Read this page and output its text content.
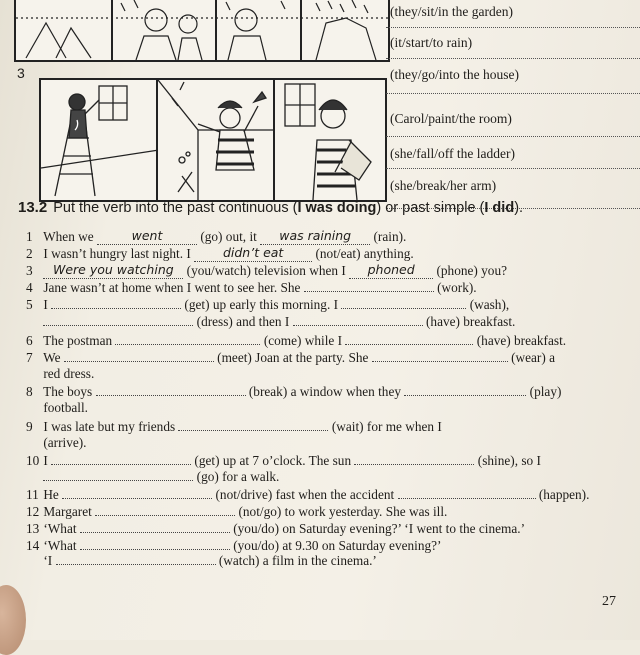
3
(they/sit/in the garden)
(it/start/to rain)
(they/go/into the house)
(Carol/paint/the room)
(she/fall/off the ladder)
(she/break/her arm)
13.2 Put the verb into the past continuous (I was doing) or past simple (I did).
1 When we	went	(go) out, it was raining (rain).
2 I wasn’t hungry last night. I	didn’t eat (not/eat) anything.
3 Were you watching (you/watch) television when I phoned (phone) you?
4 Jane wasn’t at home when I went to see her. She	(work).
5 I	(get) up early this morning. I	(wash),
(dress) and then I	(have) breakfast.
6 The postman	(come) while I	(have) breakfast.
7 We	(meet) Joan at the party. She	(wear) a
red dress.
8 The boys	(break) a window when they	(play)
football.
9 I was late but my friends	(wait) for me when I
(arrive).
10 I	(get) up at 7 o’clock. The sun	(shine), so I
(go) for a walk.
11 He	(not/drive) fast when the accident	(happen).
12 Margaret	(not/go) to work yesterday. She was ill.
13 ‘What	(you/do) on Saturday evening?’ ‘I went to the cinema.’
14 ‘What	(you/do) at 9.30 on Saturday evening?’
‘I	(watch) a film in the cinema.’
27
